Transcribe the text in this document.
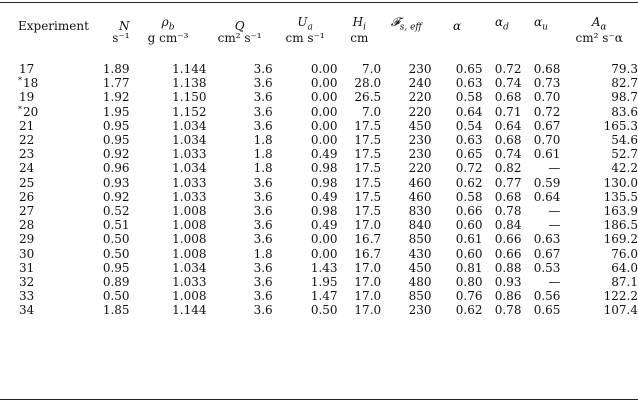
Experiment	N	$\rho_b$	Q	$U_a$	$H_i$	𝓕$_{s, eff}$	α	$\alpha_d$	$\alpha_u$	$A_\alpha$
	s⁻¹	g cm⁻³	cm² s⁻¹	cm s⁻¹	cm					cm² s⁻α

17	1.89	1.144	3.6	0.00	7.0	230	0.65	0.72	0.68	79.3
*18	1.77	1.138	3.6	0.00	28.0	240	0.63	0.74	0.73	82.7
19	1.92	1.150	3.6	0.00	26.5	220	0.58	0.68	0.70	98.7
*20	1.95	1.152	3.6	0.00	7.0	220	0.64	0.71	0.72	83.6
21	0.95	1.034	3.6	0.00	17.5	450	0.54	0.64	0.67	165.3
22	0.95	1.034	1.8	0.00	17.5	230	0.63	0.68	0.70	54.6
23	0.92	1.033	1.8	0.49	17.5	230	0.65	0.74	0.61	52.7
24	0.96	1.034	1.8	0.98	17.5	220	0.72	0.82	—	42.2
25	0.93	1.033	3.6	0.98	17.5	460	0.62	0.77	0.59	130.0
26	0.92	1.033	3.6	0.49	17.5	460	0.58	0.68	0.64	135.5
27	0.52	1.008	3.6	0.98	17.5	830	0.66	0.78	—	163.9
28	0.51	1.008	3.6	0.49	17.0	840	0.60	0.84	—	186.5
29	0.50	1.008	3.6	0.00	16.7	850	0.61	0.66	0.63	169.2
30	0.50	1.008	1.8	0.00	16.7	430	0.60	0.66	0.67	76.0
31	0.95	1.034	3.6	1.43	17.0	450	0.81	0.88	0.53	64.0
32	0.89	1.033	3.6	1.95	17.0	480	0.80	0.93	—	87.1
33	0.50	1.008	3.6	1.47	17.0	850	0.76	0.86	0.56	122.2
34	1.85	1.144	3.6	0.50	17.0	230	0.62	0.78	0.65	107.4
